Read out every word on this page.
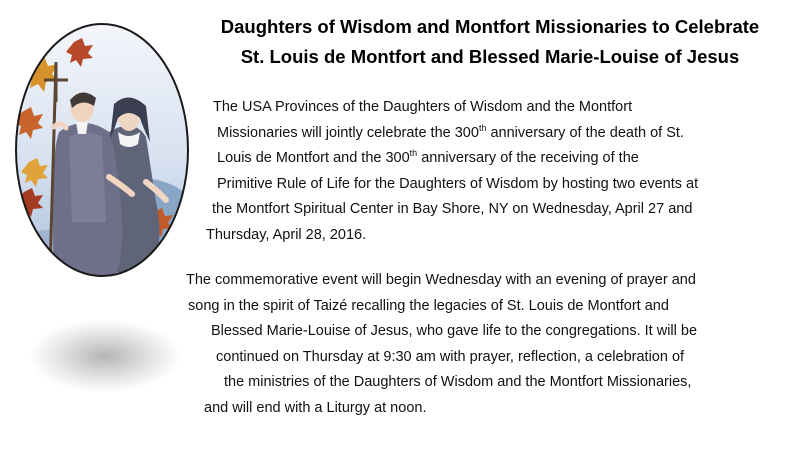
Daughters of Wisdom and Montfort Missionaries to Celebrate
St. Louis de Montfort and Blessed Marie-Louise of Jesus

The USA Provinces of the Daughters of Wisdom and the Montfort
Missionaries will jointly celebrate the 300th anniversary of the death of St.
Louis de Montfort and the 300th anniversary of the receiving of the
Primitive Rule of Life for the Daughters of Wisdom by hosting two events at
the Montfort Spiritual Center in Bay Shore, NY on Wednesday, April 27 and
Thursday, April 28, 2016.

The commemorative event will begin Wednesday with an evening of prayer and
song in the spirit of Taizé recalling the legacies of St. Louis de Montfort and
Blessed Marie-Louise of Jesus, who gave life to the congregations. It will be
continued on Thursday at 9:30 am with prayer, reflection, a celebration of
the ministries of the Daughters of Wisdom and the Montfort Missionaries,
and will end with a Liturgy at noon.
